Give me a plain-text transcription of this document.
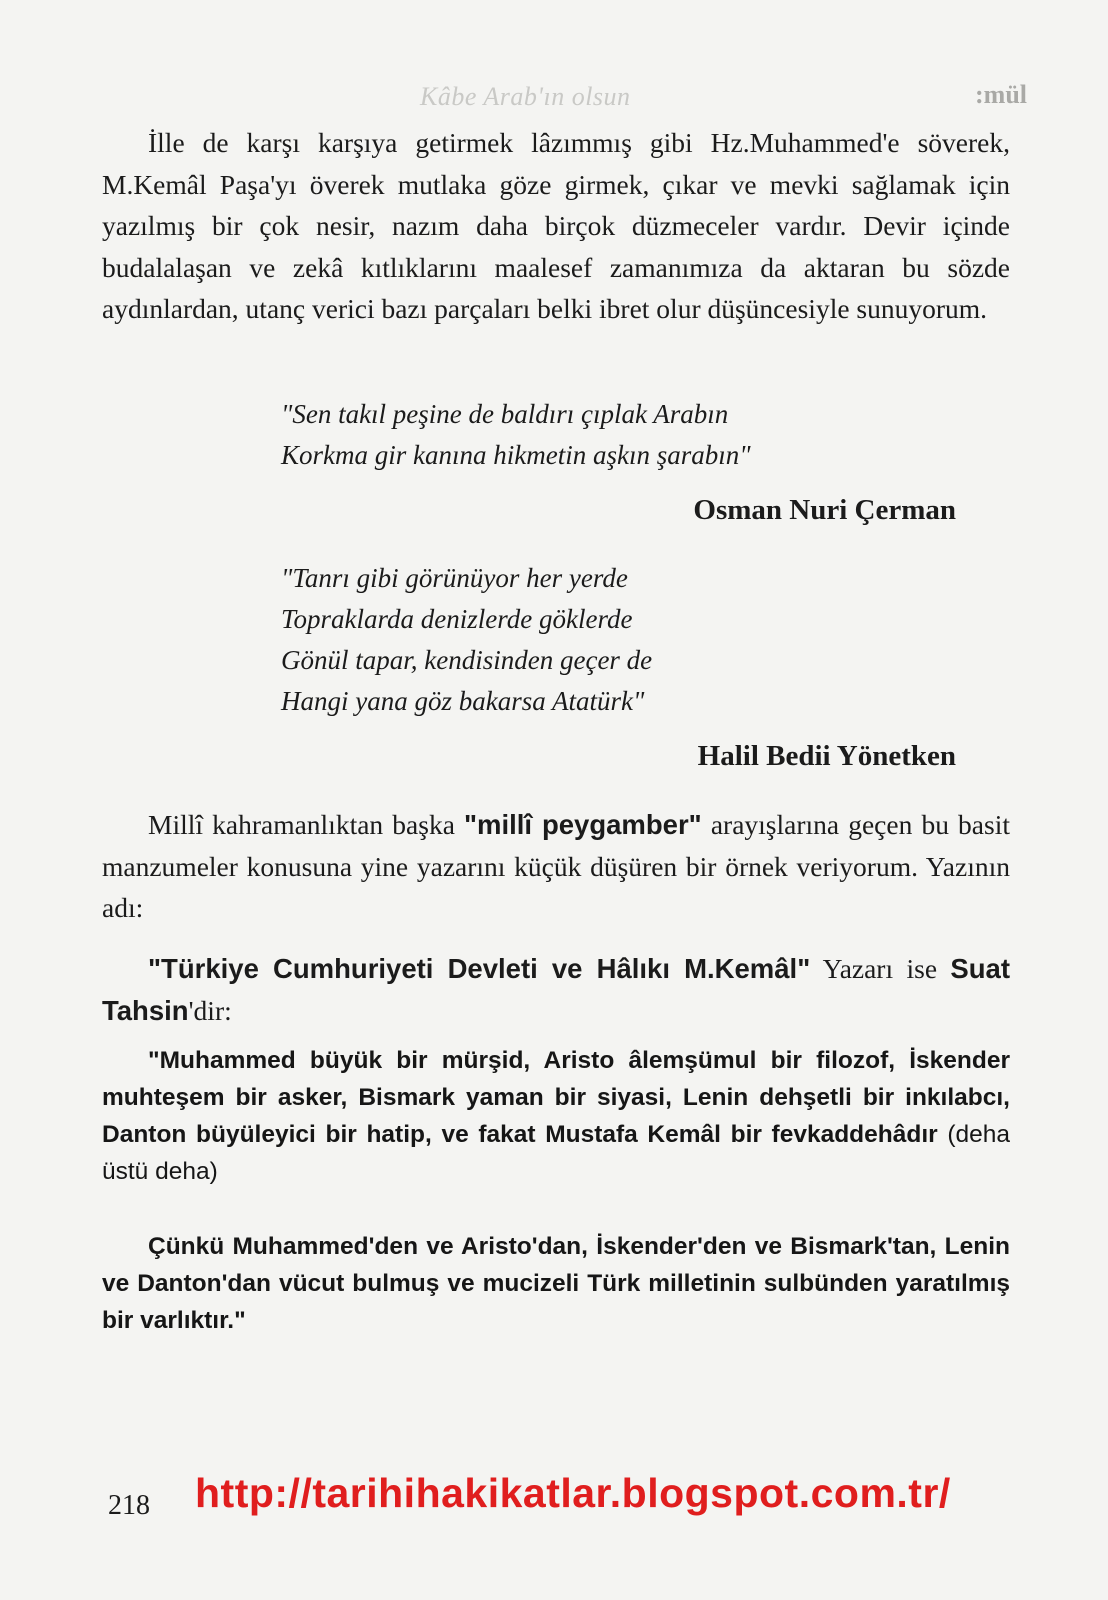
Kâbe Arab'ın olsun	:mül

İlle de karşı karşıya getirmek lâzımmış gibi Hz.Muhammed'e söverek, M.Kemâl Paşa'yı överek mutlaka göze girmek, çıkar ve mevki sağlamak için yazılmış bir çok nesir, nazım daha birçok düzmeceler vardır. Devir içinde budalalaşan ve zekâ kıtlıklarını maalesef zamanımıza da aktaran bu sözde aydınlardan, utanç verici bazı parçaları belki ibret olur düşüncesiyle sunuyorum.

"Sen takıl peşine de baldırı çıplak Arabın
Korkma gir kanına hikmetin aşkın şarabın"

Osman Nuri Çerman

"Tanrı gibi görünüyor her yerde
Topraklarda denizlerde göklerde
Gönül tapar, kendisinden geçer de
Hangi yana göz bakarsa Atatürk"

Halil Bedii Yönetken

Millî kahramanlıktan başka "millî peygamber" arayışlarına geçen bu basit manzumeler konusuna yine yazarını küçük düşüren bir örnek veriyorum. Yazının adı:

"Türkiye Cumhuriyeti Devleti ve Hâlıkı M.Kemâl" Yazarı ise Suat Tahsin'dir:

"Muhammed büyük bir mürşid, Aristo âlemşümul bir filozof, İskender muhteşem bir asker, Bismark yaman bir siyasi, Lenin dehşetli bir inkılabcı, Danton büyüleyici bir hatip, ve fakat Mustafa Kemâl bir fevkaddehâdır (deha üstü deha)

Çünkü Muhammed'den ve Aristo'dan, İskender'den ve Bismark'tan, Lenin ve Danton'dan vücut bulmuş ve mucizeli Türk milletinin sulbünden yaratılmış bir varlıktır."

http://tarihihakikatlar.blogspot.com.tr/
218
